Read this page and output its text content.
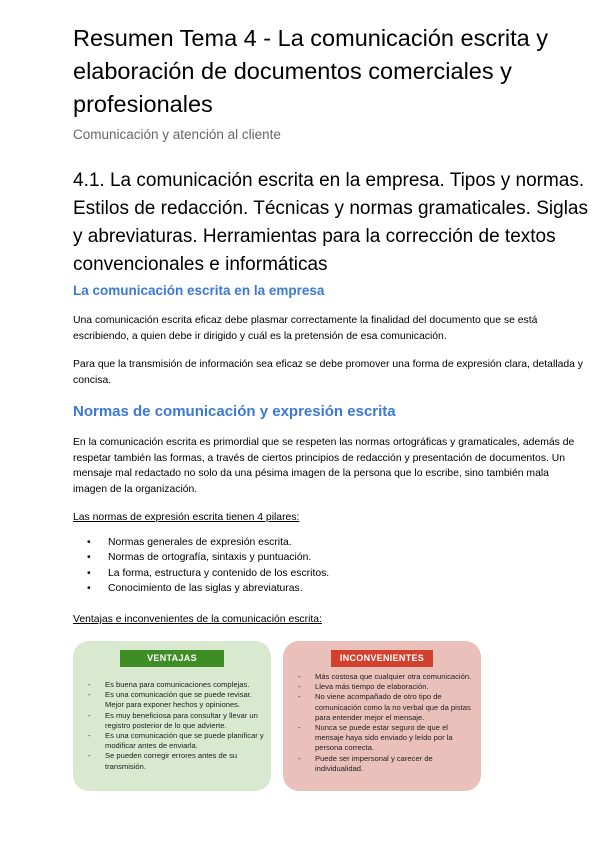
Resumen Tema 4 - La comunicación escrita y elaboración de documentos comerciales y profesionales
Comunicación y atención al cliente
4.1. La comunicación escrita en la empresa. Tipos y normas. Estilos de redacción. Técnicas y normas gramaticales. Siglas y abreviaturas. Herramientas para la corrección de textos convencionales e informáticas
La comunicación escrita en la empresa

Una comunicación escrita eficaz debe plasmar correctamente la finalidad del documento que se está escribiendo, a quien debe ir dirigido y cuál es la pretensión de esa comunicación.

Para que la transmisión de información sea eficaz se debe promover una forma de expresión clara, detallada y concisa.

Normas de comunicación y expresión escrita

En la comunicación escrita es primordial que se respeten las normas ortográficas y gramaticales, además de respetar también las formas, a través de ciertos principios de redacción y presentación de documentos. Un mensaje mal redactado no solo da una pésima imagen de la persona que lo escribe, sino también mala imagen de la organización.

Las normas de expresión escrita tienen 4 pilares:
• Normas generales de expresión escrita.
• Normas de ortografía, sintaxis y puntuación.
• La forma, estructura y contenido de los escritos.
• Conocimiento de las siglas y abreviaturas.
Ventajas e inconvenientes de la comunicación escrita:
VENTAJAS
- Es buena para comunicaciones complejas.
- Es una comunicación que se puede revisar. Mejor para exponer hechos y opiniones.
- Es muy beneficiosa para consultar y llevar un registro posterior de lo que advierte.
- Es una comunicación que se puede planificar y modificar antes de enviarla.
- Se pueden corregir errores antes de su transmisión.
INCONVENIENTES
- Más costosa que cualquier otra comunicación.
- Lleva más tiempo de elaboración.
- No viene acompañado de otro tipo de comunicación como la no verbal que da pistas para entender mejor el mensaje.
- Nunca se puede estar seguro de que el mensaje haya sido enviado y leído por la persona correcta.
- Puede ser impersonal y carecer de individualidad.
